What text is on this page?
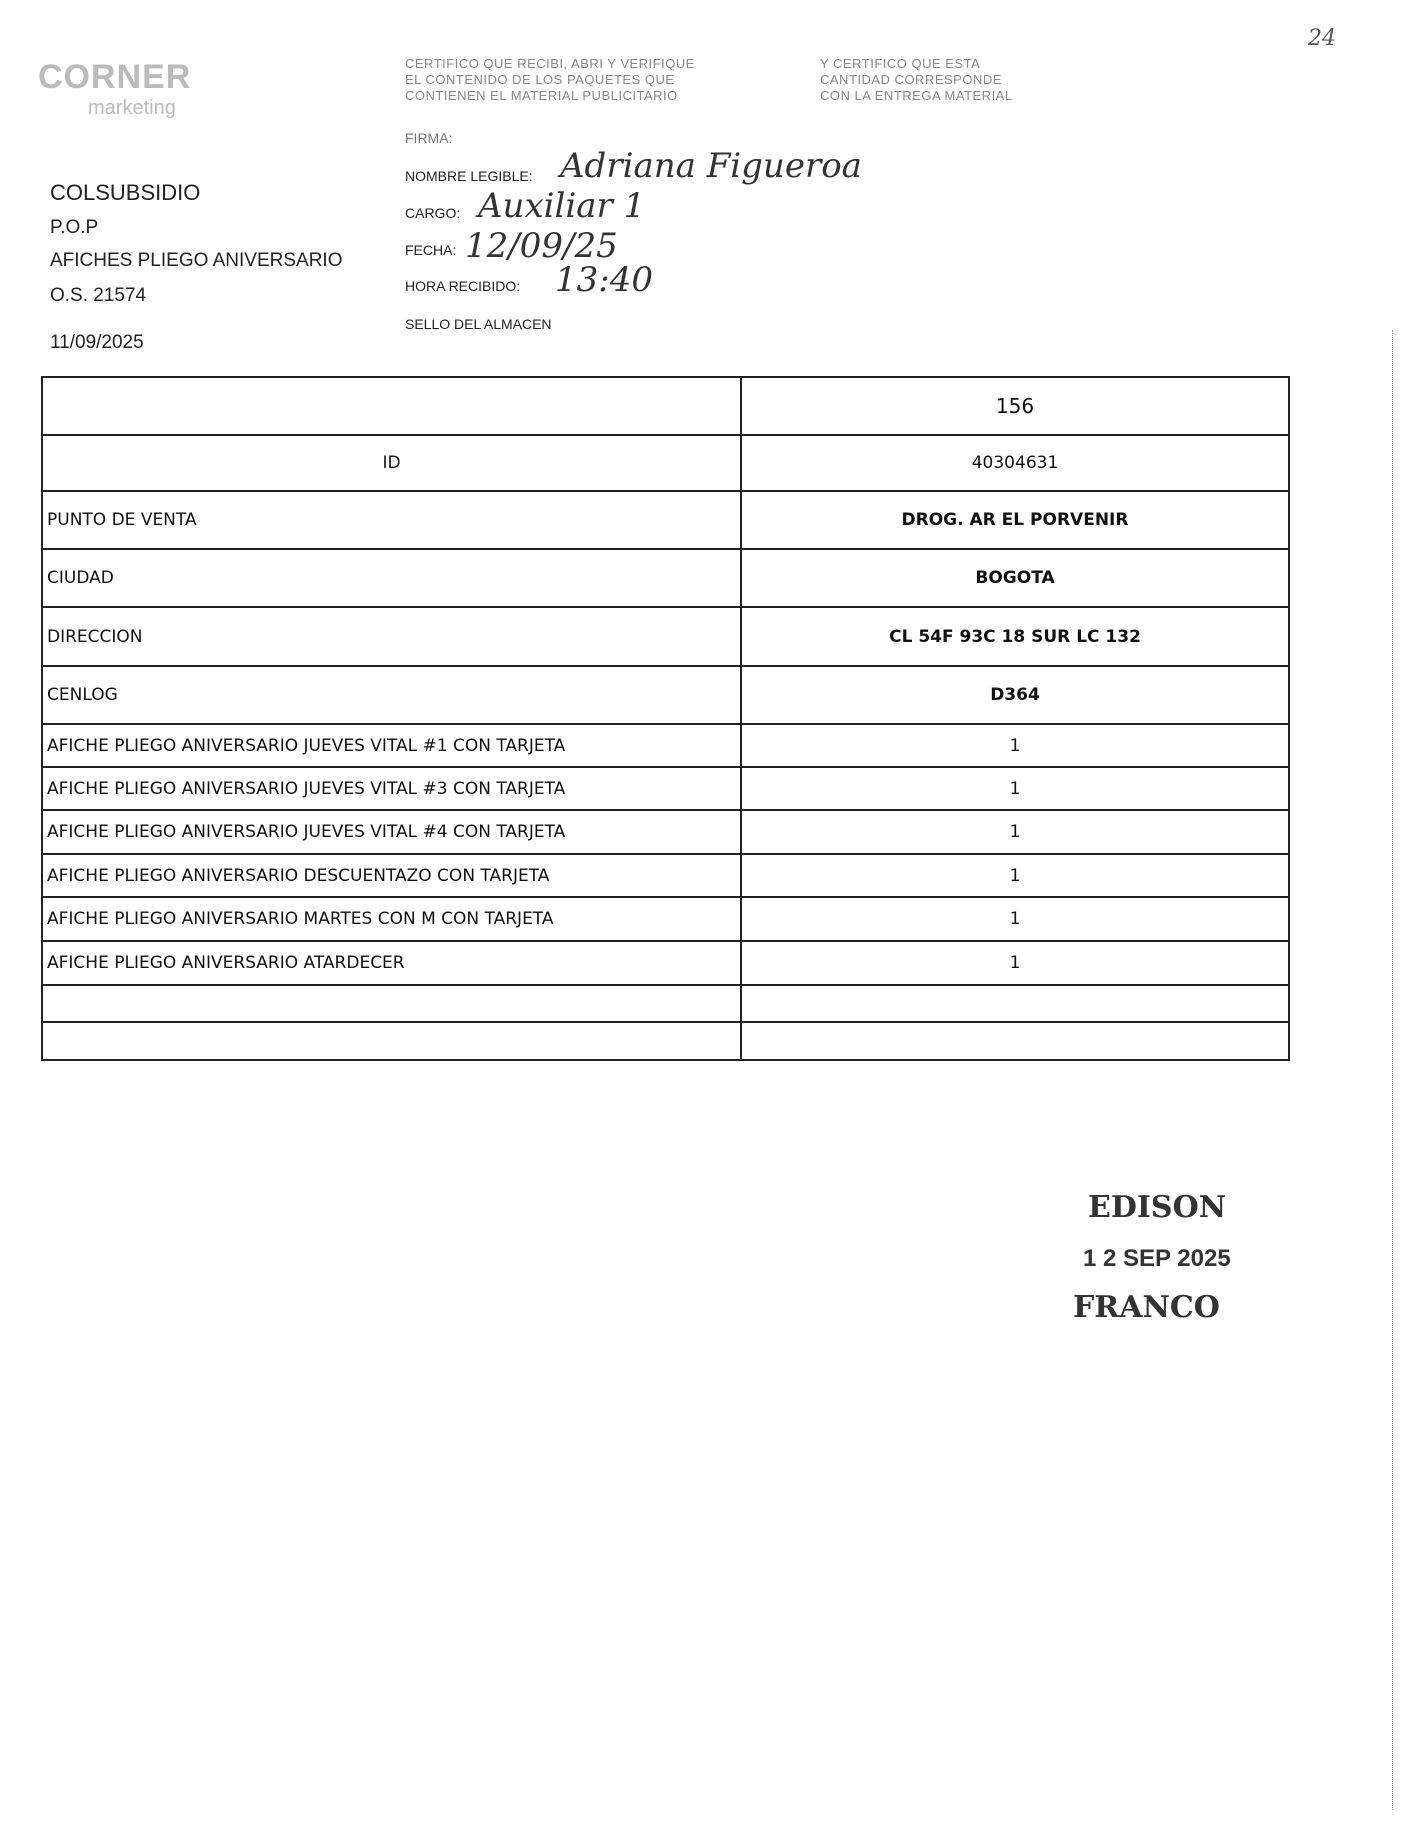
24
CORNER
marketing
CERTIFICO QUE RECIBI, ABRI Y VERIFIQUE
EL CONTENIDO DE LOS PAQUETES QUE
CONTIENEN EL MATERIAL PUBLICITARIO
Y CERTIFICO QUE ESTA
CANTIDAD CORRESPONDE
CON LA ENTREGA MATERIAL
COLSUBSIDIO
P.O.P
AFICHES PLIEGO ANIVERSARIO
O.S. 21574
11/09/2025
FIRMA:
NOMBRE LEGIBLE: Adriana Figueroa
CARGO: Auxiliar 1
FECHA: 12/09/25
HORA RECIBIDO: 13:40
SELLO DEL ALMACEN
	156
ID	40304631
PUNTO DE VENTA	DROG. AR EL PORVENIR
CIUDAD	BOGOTA
DIRECCION	CL 54F 93C 18 SUR LC 132
CENLOG	D364
AFICHE PLIEGO ANIVERSARIO JUEVES VITAL #1 CON TARJETA	1
AFICHE PLIEGO ANIVERSARIO JUEVES VITAL #3 CON TARJETA	1
AFICHE PLIEGO ANIVERSARIO JUEVES VITAL #4 CON TARJETA	1
AFICHE PLIEGO ANIVERSARIO DESCUENTAZO CON TARJETA	1
AFICHE PLIEGO ANIVERSARIO MARTES CON M CON TARJETA	1
AFICHE PLIEGO ANIVERSARIO ATARDECER	1

EDISON
1 2 SEP 2025
FRANCO
